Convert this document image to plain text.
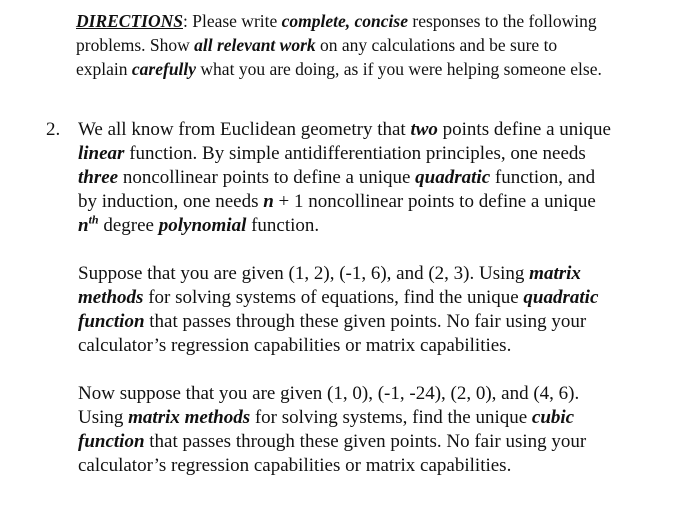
DIRECTIONS: Please write complete, concise responses to the following
problems. Show all relevant work on any calculations and be sure to
explain carefully what you are doing, as if you were helping someone else.
2. We all know from Euclidean geometry that two points define a unique
linear function. By simple antidifferentiation principles, one needs
three noncollinear points to define a unique quadratic function, and
by induction, one needs n + 1 noncollinear points to define a unique
$n^{th}$ degree polynomial function.

Suppose that you are given (1, 2), (-1, 6), and (2, 3). Using matrix
methods for solving systems of equations, find the unique quadratic
function that passes through these given points. No fair using your
calculator’s regression capabilities or matrix capabilities.

Now suppose that you are given (1, 0), (-1, -24), (2, 0), and (4, 6).
Using matrix methods for solving systems, find the unique cubic
function that passes through these given points. No fair using your
calculator’s regression capabilities or matrix capabilities.
